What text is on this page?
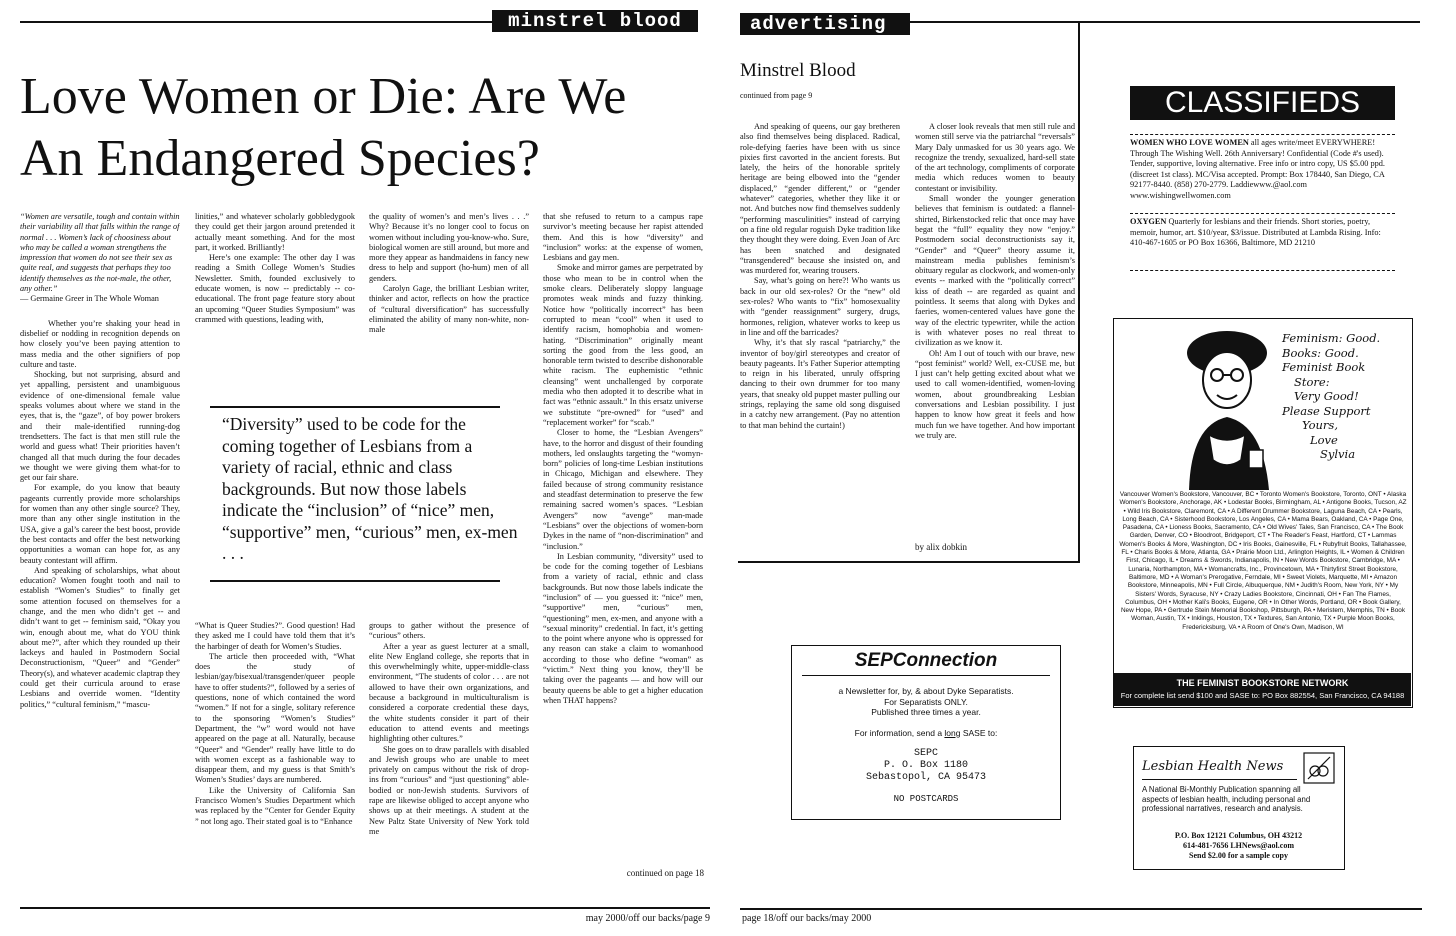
minstrel blood
Love Women or Die: Are We
An Endangered Species?

“Women are versatile, tough and contain within their variability all that falls within the range of normal . . . Women’s lack of choosiness about who may be called a woman strengthens the impression that women do not see their sex as quite real, and suggests that perhaps they too identify themselves as the not-male, the other, any other.”

— Germaine Greer in The Whole Woman

Whether you’re shaking your head in disbelief or nodding in recognition depends on how closely you’ve been paying attention to mass media and the other signifiers of pop culture and taste.

Shocking, but not surprising, absurd and yet appalling, persistent and unambiguous evidence of one-dimensional female value speaks volumes about where we stand in the eyes, that is, the “gaze”, of boy power brokers and their male-identified running-dog trendsetters. The fact is that men still rule the world and guess what! Their priorities haven’t changed all that much during the four decades we thought we were giving them what-for to get our fair share.

For example, do you know that beauty pageants currently provide more scholarships for women than any other single source? They, more than any other single institution in the USA, give a gal’s career the best boost, provide the best contacts and offer the best networking opportunities a woman can hope for, as any beauty contestant will affirm.

And speaking of scholarships, what about education? Women fought tooth and nail to establish “Women’s Studies” to finally get some attention focused on themselves for a change, and the men who didn’t get -- and didn’t want to get -- feminism said, “Okay you win, enough about me, what do YOU think about me?”, after which they rounded up their lackeys and hauled in Postmodern Social Deconstructionism, “Queer” and “Gender” Theory(s), and whatever academic claptrap they could get their curricula around to erase Lesbians and override women. “Identity politics,” “cultural feminism,” “mascu-

linities,” and whatever scholarly gobbledygook they could get their jargon around pretended it actually meant something. And for the most part, it worked. Brilliantly!

Here’s one example: The other day I was reading a Smith College Women’s Studies Newsletter. Smith, founded exclusively to educate women, is now -- predictably -- co-educational. The front page feature story about an upcoming “Queer Studies Symposium” was crammed with questions, leading with,

the quality of women’s and men’s lives . . .” Why? Because it’s no longer cool to focus on women without including you-know-who. Sure, biological women are still around, but more and more they appear as handmaidens in fancy new dress to help and support (ho-hum) men of all genders.

Carolyn Gage, the brilliant Lesbian writer, thinker and actor, reflects on how the practice of “cultural diversification” has successfully eliminated the ability of many non-white, non-male

“Diversity” used to be code for the coming together of Lesbians from a variety of racial, ethnic and class backgrounds. But now those labels indicate the “inclusion” of “nice” men, “supportive” men, “curious” men, ex-men . . .

“What is Queer Studies?”. Good question! Had they asked me I could have told them that it’s the harbinger of death for Women’s Studies.

The article then proceeded with, “What does the study of lesbian/gay/bisexual/transgender/queer people have to offer students?”, followed by a series of questions, none of which contained the word “women.” If not for a single, solitary reference to the sponsoring “Women’s Studies” Department, the “w” word would not have appeared on the page at all. Naturally, because “Queer” and “Gender” really have little to do with women except as a fashionable way to disappear them, and my guess is that Smith’s Women’s Studies’ days are numbered.

Like the University of California San Francisco Women’s Studies Department which was replaced by the “Center for Gender Equity ” not long ago. Their stated goal is to “Enhance

groups to gather without the presence of “curious” others.

After a year as guest lecturer at a small, elite New England college, she reports that in this overwhelmingly white, upper-middle-class environment, “The students of color . . . are not allowed to have their own organizations, and because a background in multiculturalism is considered a corporate credential these days, the white students consider it part of their education to attend events and meetings highlighting other cultures.”

She goes on to draw parallels with disabled and Jewish groups who are unable to meet privately on campus without the risk of drop-ins from “curious” and “just questioning” able-bodied or non-Jewish students. Survivors of rape are likewise obliged to accept anyone who shows up at their meetings. A student at the New Paltz State University of New York told me

that she refused to return to a campus rape survivor’s meeting because her rapist attended them. And this is how “diversity” and “inclusion” works: at the expense of women, Lesbians and gay men.

Smoke and mirror games are perpetrated by those who mean to be in control when the smoke clears. Deliberately sloppy language promotes weak minds and fuzzy thinking. Notice how “politically incorrect” has been corrupted to mean “cool” when it used to identify racism, homophobia and women-hating. “Discrimination” originally meant sorting the good from the less good, an honorable term twisted to describe dishonorable white racism. The euphemistic “ethnic cleansing” went unchallenged by corporate media who then adopted it to describe what in fact was “ethnic assault.” In this ersatz universe we substitute “pre-owned” for “used” and “replacement worker” for “scab.”

Closer to home, the “Lesbian Avengers” have, to the horror and disgust of their founding mothers, led onslaughts targeting the “womyn-born” policies of long-time Lesbian institutions in Chicago, Michigan and elsewhere. They failed because of strong community resistance and steadfast determination to preserve the few remaining sacred women’s spaces. “Lesbian Avengers” now “avenge” man-made “Lesbians” over the objections of women-born Dykes in the name of “non-discrimination” and “inclusion.”

In Lesbian community, “diversity” used to be code for the coming together of Lesbians from a variety of racial, ethnic and class backgrounds. But now those labels indicate the “inclusion” of — you guessed it: “nice” men, “supportive” men, “curious” men, “questioning” men, ex-men, and anyone with a “sexual minority” credential. In fact, it’s getting to the point where anyone who is oppressed for any reason can stake a claim to womanhood according to those who define “woman” as “victim.” Next thing you know, they’ll be taking over the pageants — and how will our beauty queens be able to get a higher education when THAT happens?

continued on page 18
may 2000/off our backs/page 9
advertising
Minstrel Blood
continued from page 9

And speaking of queens, our gay bretheren also find themselves being displaced. Radical, role-defying faeries have been with us since pixies first cavorted in the ancient forests. But lately, the heirs of the honorable spritely heritage are being elbowed into the “gender displaced,” “gender different,” or “gender whatever” categories, whether they like it or not. And butches now find themselves suddenly “performing masculinities” instead of carrying on a fine old regular roguish Dyke tradition like they thought they were doing. Even Joan of Arc has been snatched and designated “transgendered” because she insisted on, and was murdered for, wearing trousers.

Say, what’s going on here?! Who wants us back in our old sex-roles? Or the “new” old sex-roles? Who wants to “fix” homosexuality with “gender reassignment” surgery, drugs, hormones, religion, whatever works to keep us in line and off the barricades?

Why, it’s that sly rascal “patriarchy,” the inventor of boy/girl stereotypes and creator of beauty pageants. It’s Father Superior attempting to reign in his liberated, unruly offspring dancing to their own drummer for too many years, that sneaky old puppet master pulling our strings, replaying the same old song disguised in a catchy new arrangement. (Pay no attention to that man behind the curtain!)

A closer look reveals that men still rule and women still serve via the patriarchal “reversals” Mary Daly unmasked for us 30 years ago. We recognize the trendy, sexualized, hard-sell state of the art technology, compliments of corporate media which reduces women to beauty contestant or invisibility.

Small wonder the younger generation believes that feminism is outdated: a flannel-shirted, Birkenstocked relic that once may have begat the “full” equality they now “enjoy.” Postmodern social deconstructionists say it, “Gender” and “Queer” theory assume it, mainstream media publishes feminism’s obituary regular as clockwork, and women-only events -- marked with the “politically correct” kiss of death -- are regarded as quaint and pointless. It seems that along with Dykes and faeries, women-centered values have gone the way of the electric typewriter, while the action is with whatever poses no real threat to civilization as we know it.

Oh! Am I out of touch with our brave, new “post feminist” world? Well, ex-CUSE me, but I just can’t help getting excited about what we used to call women-identified, women-loving women, about groundbreaking Lesbian conversations and Lesbian possibility. I just happen to know how great it feels and how much fun we have together. And how important we truly are.

by alix dobkin
CLASSIFIEDS
WOMEN WHO LOVE WOMEN all ages write/meet EVERYWHERE! Through The Wishing Well. 26th Anniversary! Confidential (Code #'s used). Tender, supportive, loving alternative. Free info or intro copy, US $5.00 ppd. (discreet 1st class). MC/Visa accepted. Prompt: Box 178440, San Diego, CA 92177-8440. (858) 270-2779. Laddiewww.@aol.com www.wishingwellwomen.com
OXYGEN Quarterly for lesbians and their friends. Short stories, poetry, memoir, humor, art. $10/year, $3/issue. Distributed at Lambda Rising. Info: 410-467-1605 or PO Box 16366, Baltimore, MD 21210
Feminism: Good.
Books: Good.
Feminist Book
Store:
Very Good!
Please Support
Yours,
Love
Sylvia
Vancouver Women's Bookstore, Vancouver, BC • Toronto Women's Bookstore, Toronto, ONT • Alaska Women's Bookstore, Anchorage, AK • Lodestar Books, Birmingham, AL • Antigone Books, Tucson, AZ • Wild Iris Bookstore, Claremont, CA • A Different Drummer Bookstore, Laguna Beach, CA • Pearls, Long Beach, CA • Sisterhood Bookstore, Los Angeles, CA • Mama Bears, Oakland, CA • Page One, Pasadena, CA • Lioness Books, Sacramento, CA • Old Wives' Tales, San Francisco, CA • The Book Garden, Denver, CO • Bloodroot, Bridgeport, CT • The Reader's Feast, Hartford, CT • Lammas Women's Books & More, Washington, DC • Iris Books, Gainesville, FL • Rubyfruit Books, Tallahassee, FL • Charis Books & More, Atlanta, GA • Prairie Moon Ltd., Arlington Heights, IL • Women & Children First, Chicago, IL • Dreams & Swords, Indianapolis, IN • New Words Bookstore, Cambridge, MA • Lunaria, Northampton, MA • Womancrafts, Inc., Provincetown, MA • Thirtyfirst Street Bookstore, Baltimore, MD • A Woman's Prerogative, Ferndale, MI • Sweet Violets, Marquette, MI • Amazon Bookstore, Minneapolis, MN • Full Circle, Albuquerque, NM • Judith's Room, New York, NY • My Sisters' Words, Syracuse, NY • Crazy Ladies Bookstore, Cincinnati, OH • Fan The Flames, Columbus, OH • Mother Kali's Books, Eugene, OR • In Other Words, Portland, OR • Book Gallery, New Hope, PA • Gertrude Stein Memorial Bookshop, Pittsburgh, PA • Meristem, Memphis, TN • Book Woman, Austin, TX • Inklings, Houston, TX • Textures, San Antonio, TX • Purple Moon Books, Fredericksburg, VA • A Room of One's Own, Madison, WI
THE FEMINIST BOOKSTORE NETWORK
For complete list send $100 and SASE to: PO Box 882554, San Francisco, CA 94188
SEPConnection
a Newsletter for, by, & about Dyke Separatists.
For Separatists ONLY.
Published three times a year.
For information, send a long SASE to:
SEPC
P. O. Box 1180
Sebastopol, CA 95473
NO POSTCARDS
Lesbian Health News
A National Bi-Monthly Publication spanning all aspects of lesbian health, including personal and professional narratives, research and analysis.
P.O. Box 12121 Columbus, OH 43212
614-481-7656 LHNews@aol.com
Send $2.00 for a sample copy
page 18/off our backs/may 2000
